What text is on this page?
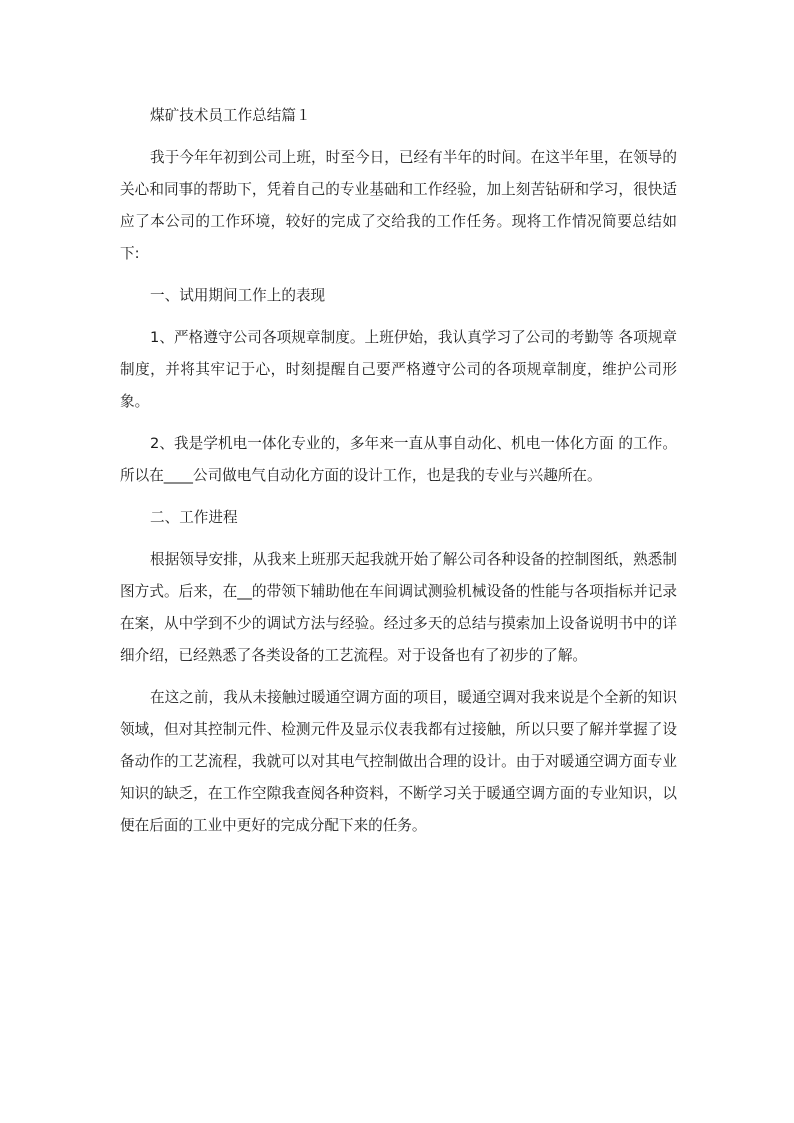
煤矿技术员工作总结篇１

我于今年年初到公司上班，时至今日，已经有半年的时间。在这半年里，在领导的关心和同事的帮助下，凭着自己的专业基础和工作经验，加上刻苦钻研和学习，很快适应了本公司的工作环境，较好的完成了交给我的工作任务。现将工作情况简要总结如下:

一、试用期间工作上的表现

1、严格遵守公司各项规章制度。上班伊始，我认真学习了公司的考勤等 各项规章制度，并将其牢记于心，时刻提醒自己要严格遵守公司的各项规章制度，维护公司形象。

2、我是学机电一体化专业的，多年来一直从事自动化、机电一体化方面 的工作。所以在____公司做电气自动化方面的设计工作，也是我的专业与兴趣所在。

二、工作进程

根据领导安排，从我来上班那天起我就开始了解公司各种设备的控制图纸，熟悉制图方式。后来，在__的带领下辅助他在车间调试测验机械设备的性能与各项指标并记录在案，从中学到不少的调试方法与经验。经过多天的总结与摸索加上设备说明书中的详细介绍，已经熟悉了各类设备的工艺流程。对于设备也有了初步的了解。

在这之前，我从未接触过暖通空调方面的项目，暖通空调对我来说是个全新的知识领域，但对其控制元件、检测元件及显示仪表我都有过接触，所以只要了解并掌握了设备动作的工艺流程，我就可以对其电气控制做出合理的设计。由于对暖通空调方面专业知识的缺乏，在工作空隙我查阅各种资料，不断学习关于暖通空调方面的专业知识，以便在后面的工业中更好的完成分配下来的任务。
